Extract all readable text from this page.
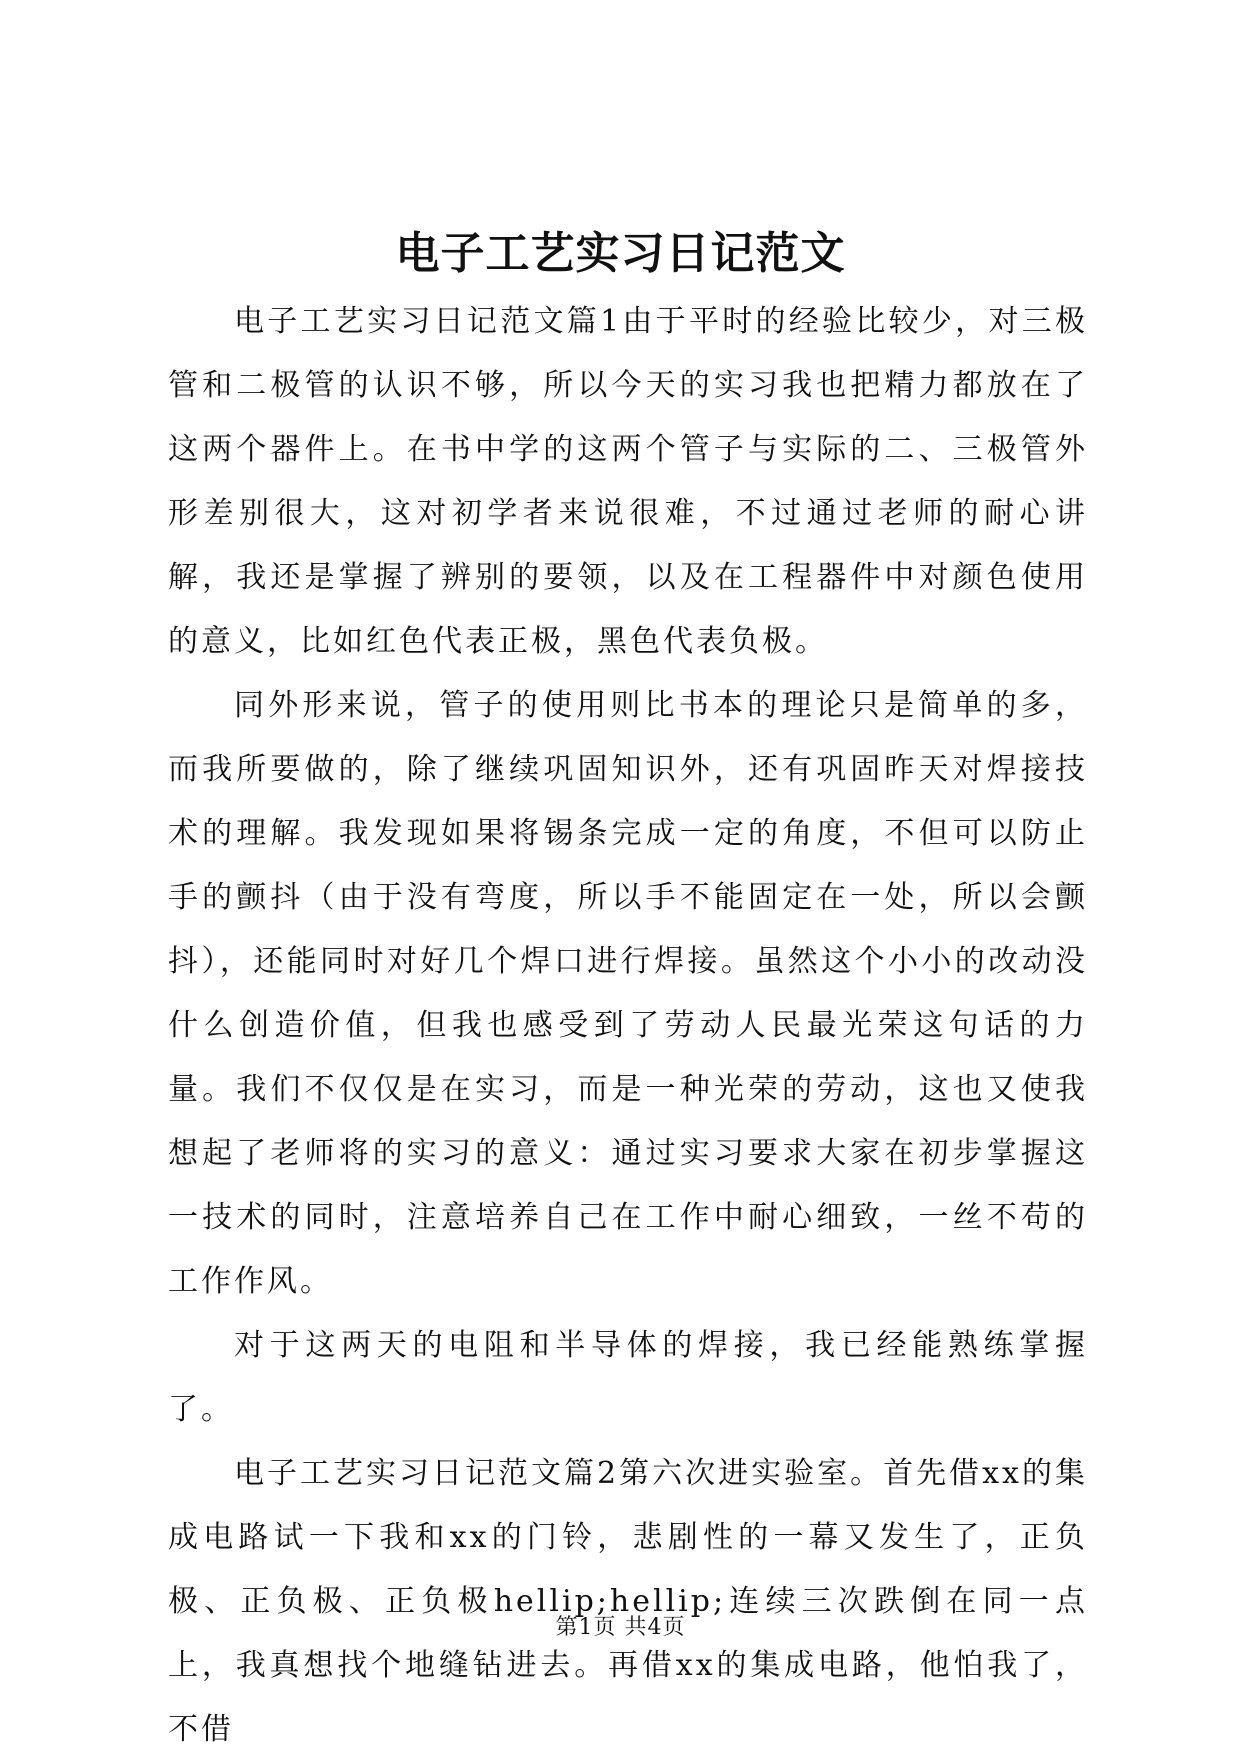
电子工艺实习日记范文

电子工艺实习日记范文篇1由于平时的经验比较少，对三极管和二极管的认识不够，所以今天的实习我也把精力都放在了这两个器件上。在书中学的这两个管子与实际的二、三极管外形差别很大，这对初学者来说很难，不过通过老师的耐心讲解，我还是掌握了辨别的要领，以及在工程器件中对颜色使用的意义，比如红色代表正极，黑色代表负极。

同外形来说，管子的使用则比书本的理论只是简单的多，而我所要做的，除了继续巩固知识外，还有巩固昨天对焊接技术的理解。我发现如果将锡条完成一定的角度，不但可以防止手的颤抖（由于没有弯度，所以手不能固定在一处，所以会颤抖），还能同时对好几个焊口进行焊接。虽然这个小小的改动没什么创造价值，但我也感受到了劳动人民最光荣这句话的力量。我们不仅仅是在实习，而是一种光荣的劳动，这也又使我想起了老师将的实习的意义：通过实习要求大家在初步掌握这一技术的同时，注意培养自己在工作中耐心细致，一丝不苟的工作作风。

对于这两天的电阻和半导体的焊接，我已经能熟练掌握了。

电子工艺实习日记范文篇2第六次进实验室。首先借xx的集成电路试一下我和xx的门铃，悲剧性的一幕又发生了，正负极、正负极、正负极hellip;hellip;连续三次跌倒在同一点上，我真想找个地缝钻进去。再借xx的集成电路，他怕我了，不借

第1页 共4页
